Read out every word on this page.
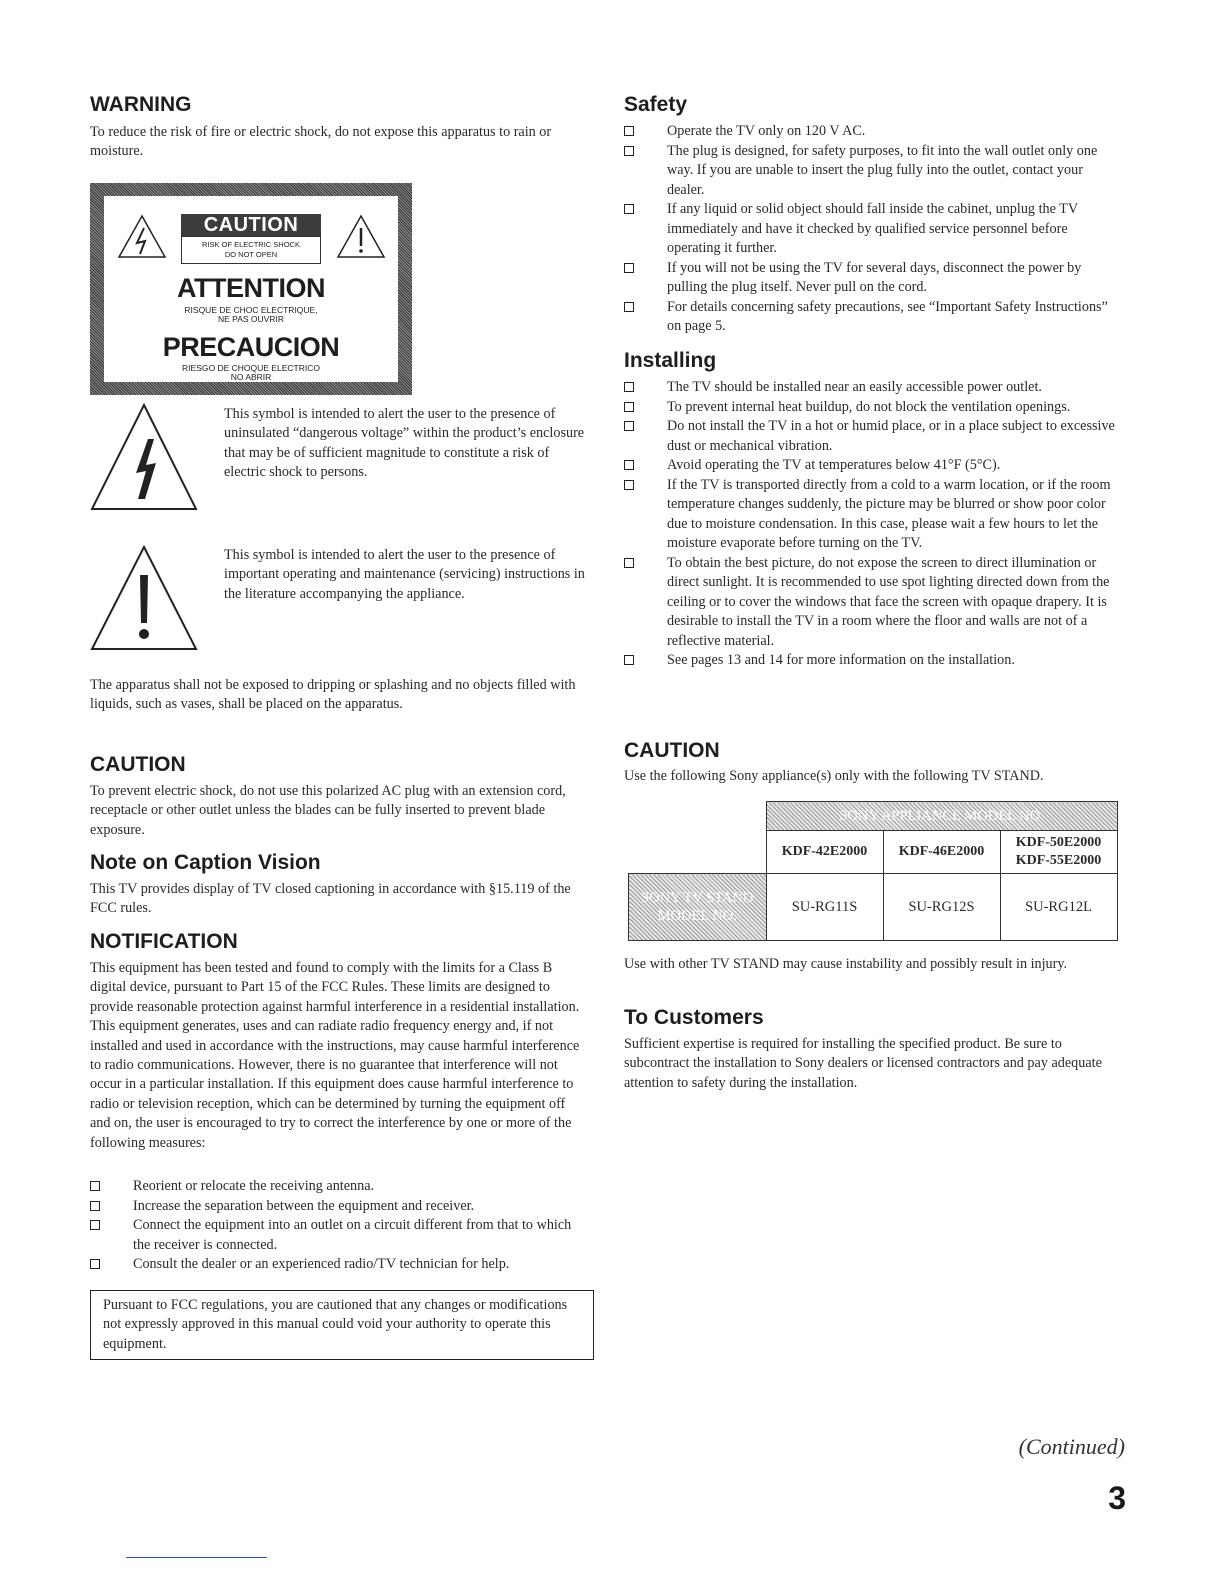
WARNING

To reduce the risk of fire or electric shock, do not expose this apparatus to rain or moisture.

CAUTION
RISK OF ELECTRIC SHOCK
DO NOT OPEN
ATTENTION
RISQUE DE CHOC ELECTRIQUE,
NE PAS OUVRIR
PRECAUCION
RIESGO DE CHOQUE ELECTRICO
NO ABRIR

This symbol is intended to alert the user to the presence of uninsulated “dangerous voltage” within the product’s enclosure that may be of sufficient magnitude to constitute a risk of electric shock to persons.

This symbol is intended to alert the user to the presence of important operating and maintenance (servicing) instructions in the literature accompanying the appliance.

The apparatus shall not be exposed to dripping or splashing and no objects filled with liquids, such as vases, shall be placed on the apparatus.

CAUTION

To prevent electric shock, do not use this polarized AC plug with an extension cord, receptacle or other outlet unless the blades can be fully inserted to prevent blade exposure.

Note on Caption Vision

This TV provides display of TV closed captioning in accordance with §15.119 of the FCC rules.

NOTIFICATION

This equipment has been tested and found to comply with the limits for a Class B digital device, pursuant to Part 15 of the FCC Rules. These limits are designed to provide reasonable protection against harmful interference in a residential installation. This equipment generates, uses and can radiate radio frequency energy and, if not installed and used in accordance with the instructions, may cause harmful interference to radio communications. However, there is no guarantee that interference will not occur in a particular installation. If this equipment does cause harmful interference to radio or television reception, which can be determined by turning the equipment off and on, the user is encouraged to try to correct the interference by one or more of the following measures:

Reorient or relocate the receiving antenna.
Increase the separation between the equipment and receiver.
Connect the equipment into an outlet on a circuit different from that to which the receiver is connected.
Consult the dealer or an experienced radio/TV technician for help.

Pursuant to FCC regulations, you are cautioned that any changes or modifications not expressly approved in this manual could void your authority to operate this equipment.

Safety
Operate the TV only on 120 V AC.
The plug is designed, for safety purposes, to fit into the wall outlet only one way. If you are unable to insert the plug fully into the outlet, contact your dealer.
If any liquid or solid object should fall inside the cabinet, unplug the TV immediately and have it checked by qualified service personnel before operating it further.
If you will not be using the TV for several days, disconnect the power by pulling the plug itself. Never pull on the cord.
For details concerning safety precautions, see “Important Safety Instructions” on page 5.
Installing
The TV should be installed near an easily accessible power outlet.
To prevent internal heat buildup, do not block the ventilation openings.
Do not install the TV in a hot or humid place, or in a place subject to excessive dust or mechanical vibration.
Avoid operating the TV at temperatures below 41°F (5°C).
If the TV is transported directly from a cold to a warm location, or if the room temperature changes suddenly, the picture may be blurred or show poor color due to moisture condensation. In this case, please wait a few hours to let the moisture evaporate before turning on the TV.
To obtain the best picture, do not expose the screen to direct illumination or direct sunlight. It is recommended to use spot lighting directed down from the ceiling or to cover the windows that face the screen with opaque drapery. It is desirable to install the TV in a room where the floor and walls are not of a reflective material.
See pages 13 and 14 for more information on the installation.
CAUTION

Use the following Sony appliance(s) only with the following TV STAND.

	SONY APPLIANCE MODEL NO.		
	KDF-42E2000	KDF-46E2000	KDF-50E2000
KDF-55E2000
SONY TV STAND MODEL NO.	SU-RG11S	SU-RG12S	SU-RG12L

Use with other TV STAND may cause instability and possibly result in injury.

To Customers

Sufficient expertise is required for installing the specified product. Be sure to subcontract the installation to Sony dealers or licensed contractors and pay adequate attention to safety during the installation.

(Continued)
3
